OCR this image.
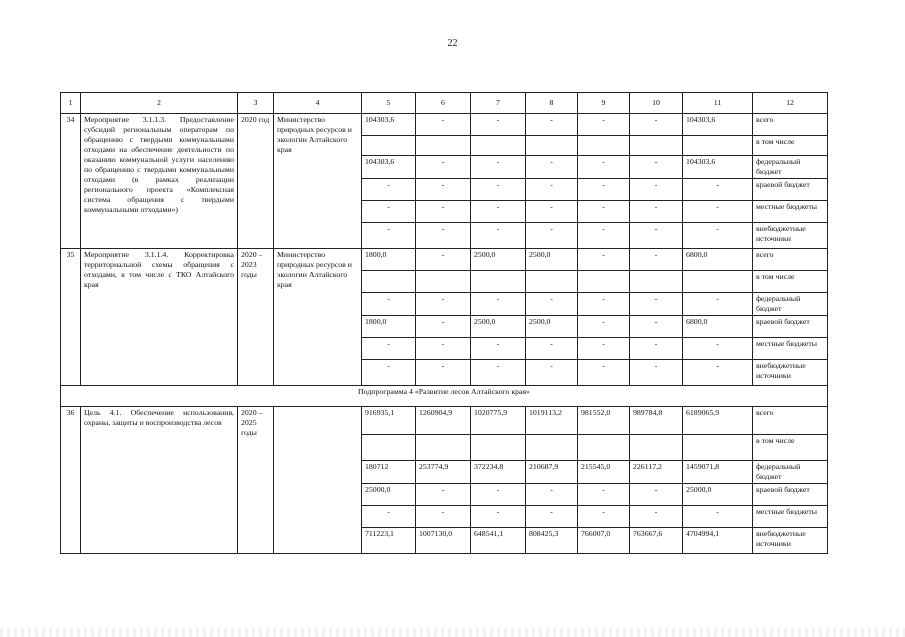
22
1	2	3	4	5	6	7	8	9	10	11	12
34	Мероприятие 3.1.1.3. Предоставление субсидий региональным операторам по обращению с твердыми коммунальными отходами на обеспечение деятельности по оказанию коммунальной услуги населению по обращению с твердыми коммунальными отходами (в рамках реализации регионального проекта «Комплексная система обращения с твердыми коммунальными отходами»)	2020 год	Министерство природных ресурсов и экологии Алтайского края	104303,6	-	-	-	-	-	104303,6	всего
											в том числе
				104303,6	-	-	-	-	-	104303,6	федеральный бюджет
				-	-	-	-	-	-	-	краевой бюджет
				-	-	-	-	-	-	-	местные бюджеты
				-	-	-	-	-	-	-	внебюджетные источники
35	Мероприятие 3.1.1.4. Корректировка территориальной схемы обращения с отходами, в том числе с ТКО Алтайского края	2020 – 2023 годы	Министерство природных ресурсов и экологии Алтайского края	1800,0	-	2500,0	2500,0	-	-	6800,0	всего
											в том числе
				-	-	-	-	-	-	-	федеральный бюджет
				1800,0	-	2500,0	2500,0	-	-	6800,0	краевой бюджет
				-	-	-	-	-	-	-	местные бюджеты
				-	-	-	-	-	-	-	внебюджетные источники
Подпрограмма 4 «Развитие лесов Алтайского края»											
36	Цель 4.1. Обеспечение использования, охраны, защиты и воспроизводства лесов	2020 – 2025 годы		916935,1	1260904,9	1020775,9	1019113,2	981552,0	989784,8	6189065,9	всего
											в том числе
				180712	253774,9	372234,8	210687,9	215545,0	226117,2	1459071,8	федеральный бюджет
				25000,0	-	-	-	-	-	25000,0	краевой бюджет
				-	-	-	-	-	-	-	местные бюджеты
				711223,1	1007130,0	648541,1	808425,3	766007,0	763667,6	4704994,1	внебюджетные источники
